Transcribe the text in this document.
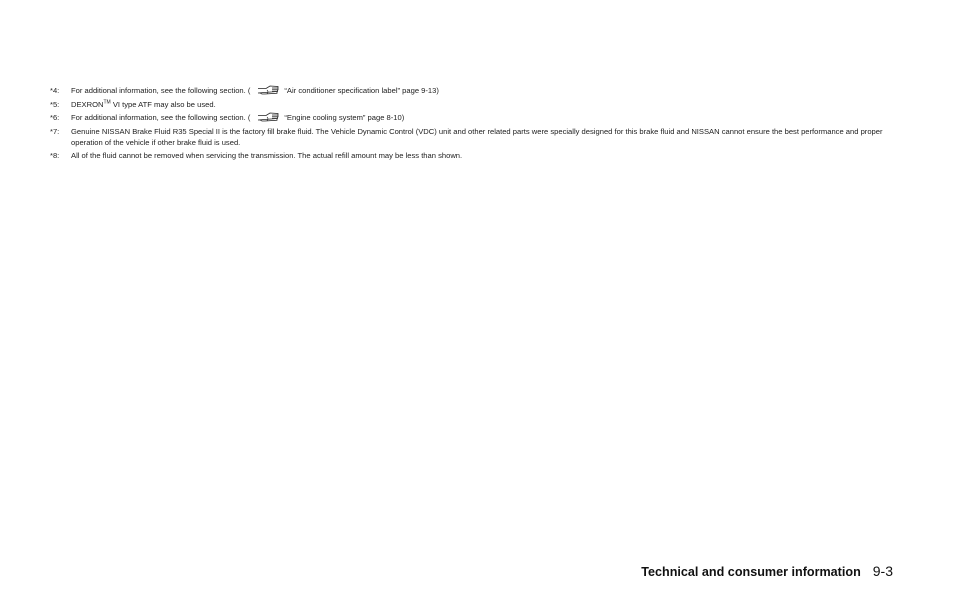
*4:	For additional information, see the following section. (	“Air conditioner specification label” page 9-13)
*5:	DEXRON™ VI type ATF may also be used.
*6:	For additional information, see the following section. (	“Engine cooling system” page 8-10)
*7:	Genuine NISSAN Brake Fluid R35 Special II is the factory fill brake fluid. The Vehicle Dynamic Control (VDC) unit and other related parts were specially designed for this brake fluid and NISSAN cannot ensure the best performance and proper operation of the vehicle if other brake fluid is used.
*8:	All of the fluid cannot be removed when servicing the transmission. The actual refill amount may be less than shown.
Technical and consumer information 9-3
